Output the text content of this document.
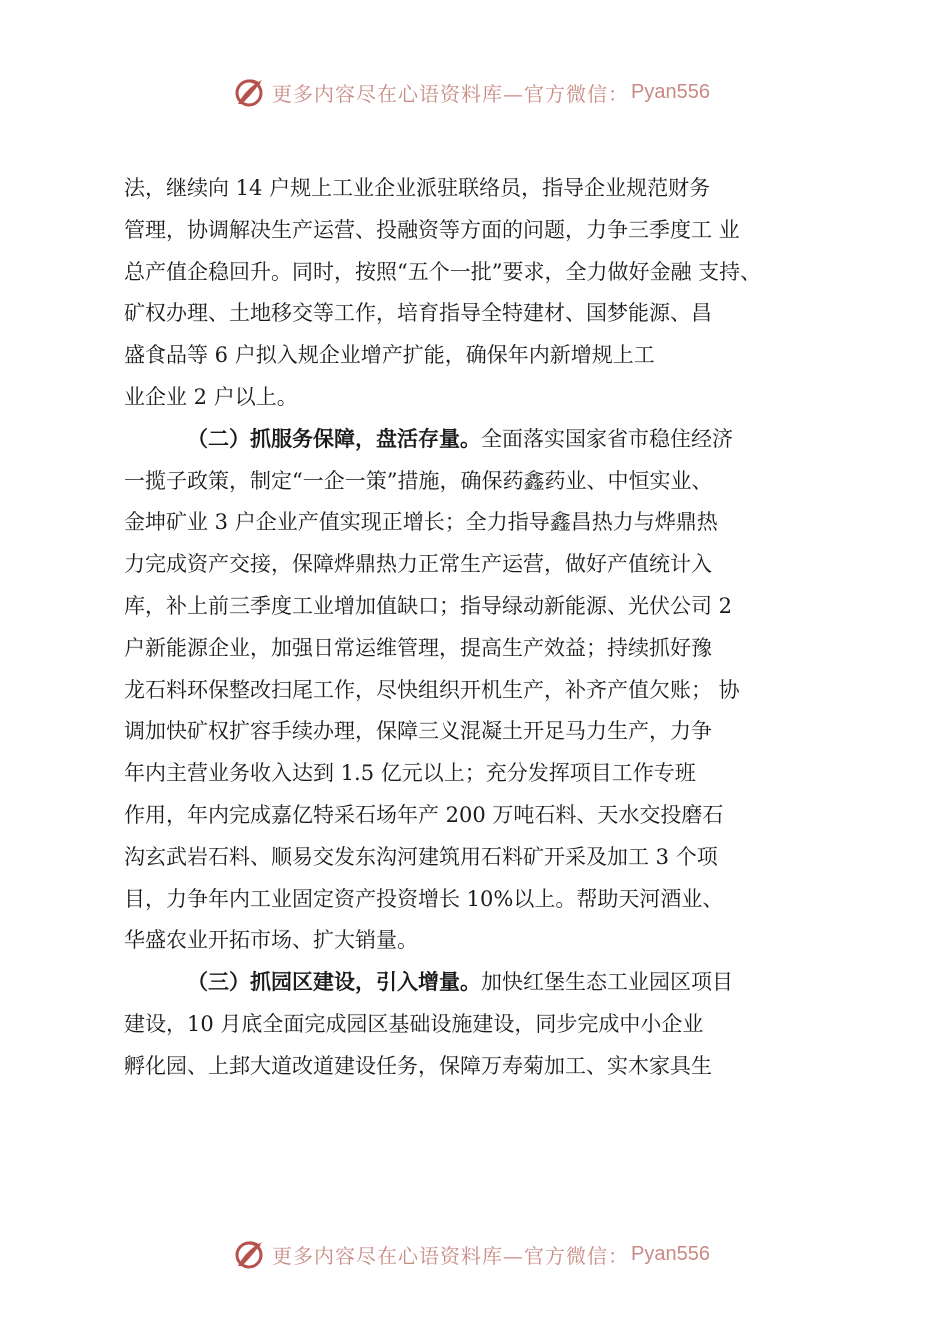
更多内容尽在心语资料库—官方微信： Pyan556
法，继续向 14 户规上工业企业派驻联络员，指导企业规范财务
管理，协调解决生产运营、投融资等方面的问题，力争三季度工 业
总产值企稳回升。同时，按照“五个一批”要求，全力做好金融 支持、
矿权办理、土地移交等工作，培育指导全特建材、国梦能源、昌
盛食品等 6 户拟入规企业增产扩能，确保年内新增规上工
业企业 2 户以上。
（二）抓服务保障，盘活存量。全面落实国家省市稳住经济
一揽子政策，制定“一企一策”措施，确保药鑫药业、中恒实业、
金坤矿业 3 户企业产值实现正增长；全力指导鑫昌热力与烨鼎热
力完成资产交接，保障烨鼎热力正常生产运营，做好产值统计入
库，补上前三季度工业增加值缺口；指导绿动新能源、光伏公司 2
户新能源企业，加强日常运维管理，提高生产效益；持续抓好豫
龙石料环保整改扫尾工作，尽快组织开机生产，补齐产值欠账； 协
调加快矿权扩容手续办理，保障三义混凝土开足马力生产，力争
年内主营业务收入达到 1.5 亿元以上；充分发挥项目工作专班
作用，年内完成嘉亿特采石场年产 200 万吨石料、天水交投磨石
沟玄武岩石料、顺易交发东沟河建筑用石料矿开采及加工 3 个项
目，力争年内工业固定资产投资增长 10%以上。帮助天河酒业、
华盛农业开拓市场、扩大销量。
（三）抓园区建设，引入增量。加快红堡生态工业园区项目
建设，10 月底全面完成园区基础设施建设，同步完成中小企业
孵化园、上邽大道改道建设任务，保障万寿菊加工、实木家具生
更多内容尽在心语资料库—官方微信： Pyan556
